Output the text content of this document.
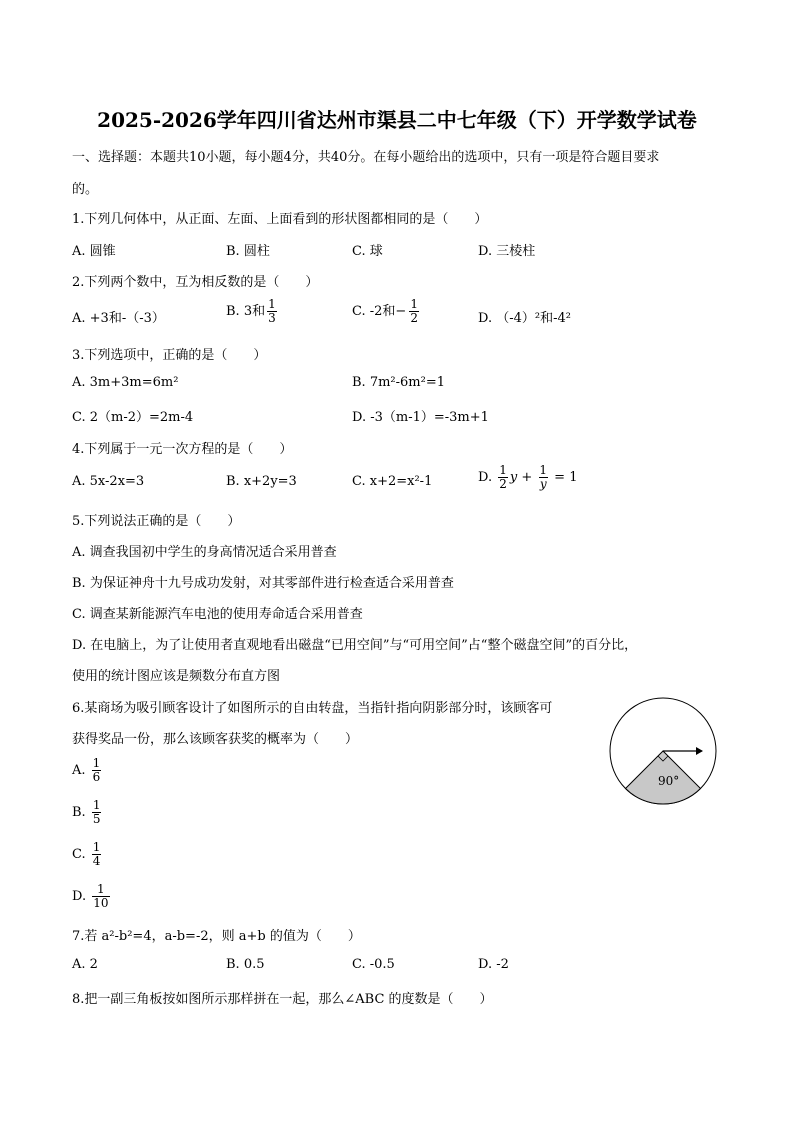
2025-2026学年四川省达州市渠县二中七年级（下）开学数学试卷
一、选择题：本题共10小题，每小题4分，共40分。在每小题给出的选项中，只有一项是符合题目要求
的。
1.下列几何体中，从正面、左面、上面看到的形状图都相同的是（　　）
A. 圆锥	B. 圆柱	C. 球	D. 三棱柱
2.下列两个数中，互为相反数的是（　　）
A. +3和-（-3）	B. 3和 $\frac{1}{3}$	C. -2和− $\frac{1}{2}$	D. （-4）²和-4²
3.下列选项中，正确的是（　　）
A. 3m+3m=6m²	B. 7m²-6m²=1
C. 2（m-2）=2m-4	D. -3（m-1）=-3m+1
4.下列属于一元一次方程的是（　　）
A. 5x-2x=3	B. x+2y=3	C. x+2=x²-1	D. $\frac{1}{2}$ $y + \frac{1}{y} = 1$
5.下列说法正确的是（　　）
A. 调查我国初中学生的身高情况适合采用普查
B. 为保证神舟十九号成功发射，对其零部件进行检查适合采用普查
C. 调查某新能源汽车电池的使用寿命适合采用普查
D. 在电脑上，为了让使用者直观地看出磁盘“已用空间”与“可用空间”占“整个磁盘空间”的百分比，
使用的统计图应该是频数分布直方图
6.某商场为吸引顾客设计了如图所示的自由转盘，当指针指向阴影部分时，该顾客可
获得奖品一份，那么该顾客获奖的概率为（　　）
A. $\frac{1}{6}$
B. $\frac{1}{5}$
C. $\frac{1}{4}$
D. $\frac{1}{10}$
90°
7.若 a²-b²=4，a-b=-2，则 a+b 的值为（　　）
A. 2	B. 0.5	C. -0.5	D. -2
8.把一副三角板按如图所示那样拼在一起，那么∠ABC 的度数是（　　）
